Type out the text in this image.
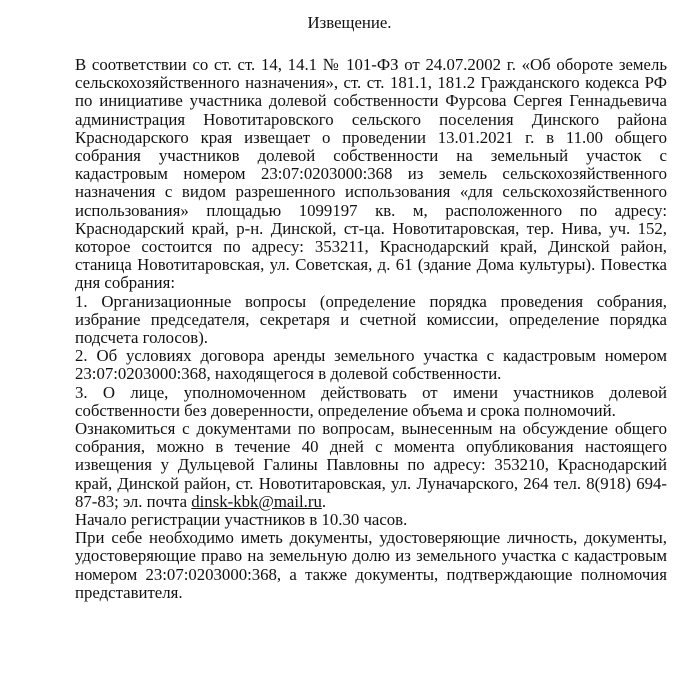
Извещение.

В соответствии со ст. ст. 14, 14.1 № 101-ФЗ от 24.07.2002 г. «Об обороте земель сельскохозяйственного назначения», ст. ст. 181.1, 181.2 Гражданского кодекса РФ по инициативе участника долевой собственности Фурсова Сергея Геннадьевича администрация Новотитаровского сельского поселения Динского района Краснодарского края извещает о проведении 13.01.2021 г. в 11.00 общего собрания участников долевой собственности на земельный участок с кадастровым номером 23:07:0203000:368 из земель сельскохозяйственного назначения с видом разрешенного использования «для сельскохозяйственного использования» площадью 1099197 кв. м, расположенного по адресу: Краснодарский край, р-н. Динской, ст-ца. Новотитаровская, тер. Нива, уч. 152, которое состоится по адресу: 353211, Краснодарский край, Динской район, станица Новотитаровская, ул. Советская, д. 61 (здание Дома культуры). Повестка дня собрания:

1. Организационные вопросы (определение порядка проведения собрания, избрание председателя, секретаря и счетной комиссии, определение порядка подсчета голосов).

2. Об условиях договора аренды земельного участка с кадастровым номером 23:07:0203000:368, находящегося в долевой собственности.

3. О лице, уполномоченном действовать от имени участников долевой собственности без доверенности, определение объема и срока полномочий.

Ознакомиться с документами по вопросам, вынесенным на обсуждение общего собрания, можно в течение 40 дней с момента опубликования настоящего извещения у Дульцевой Галины Павловны по адресу: 353210, Краснодарский край, Динской район, ст. Новотитаровская, ул. Луначарского, 264 тел. 8(918) 694-87-83; эл. почта dinsk-kbk@mail.ru.

Начало регистрации участников в 10.30 часов.

При себе необходимо иметь документы, удостоверяющие личность, документы, удостоверяющие право на земельную долю из земельного участка с кадастровым номером 23:07:0203000:368, а также документы, подтверждающие полномочия представителя.
